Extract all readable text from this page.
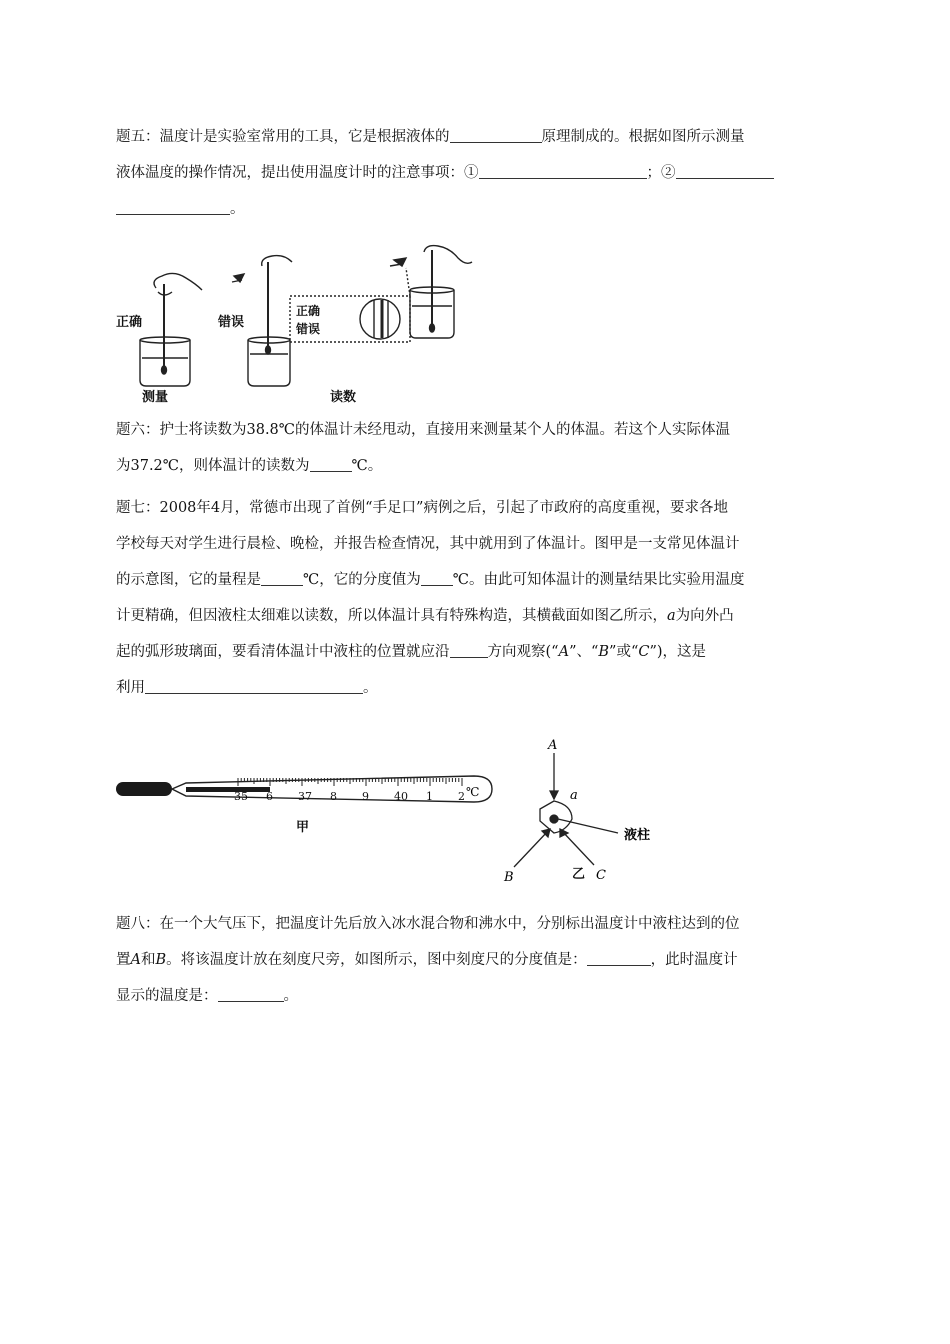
题五：温度计是实验室常用的工具，它是根据液体的	原理制成的。根据如图所示测量
液体温度的操作情况，提出使用温度计时的注意事项：①	；②
。
正确	错误
测量	读数
正确
错误
题六：护士将读数为38.8℃的体温计未经甩动，直接用来测量某个人的体温。若这个人实际体温
为37.2℃，则体温计的读数为	℃。
题七：2008年4月，常德市出现了首例“手足口”病例之后，引起了市政府的高度重视，要求各地
学校每天对学生进行晨检、晚检，并报告检查情况，其中就用到了体温计。图甲是一支常见体温计
的示意图，它的量程是	℃，它的分度值为 ℃。由此可知体温计的测量结果比实验用温度
计更精确，但因液柱太细难以读数，所以体温计具有特殊构造，其横截面如图乙所示，a为向外凸
起的弧形玻璃面，要看清体温计中液柱的位置就应沿	方向观察(“A”、“B”或“C”)，这是
利用	。
℃
35 6 37 8 9 40 1 2
甲
A
a
B	C
液柱
乙
题八：在一个大气压下，把温度计先后放入冰水混合物和沸水中，分别标出温度计中液柱达到的位
置A和B。将该温度计放在刻度尺旁，如图所示，图中刻度尺的分度值是：	，此时温度计
显示的温度是：	。
